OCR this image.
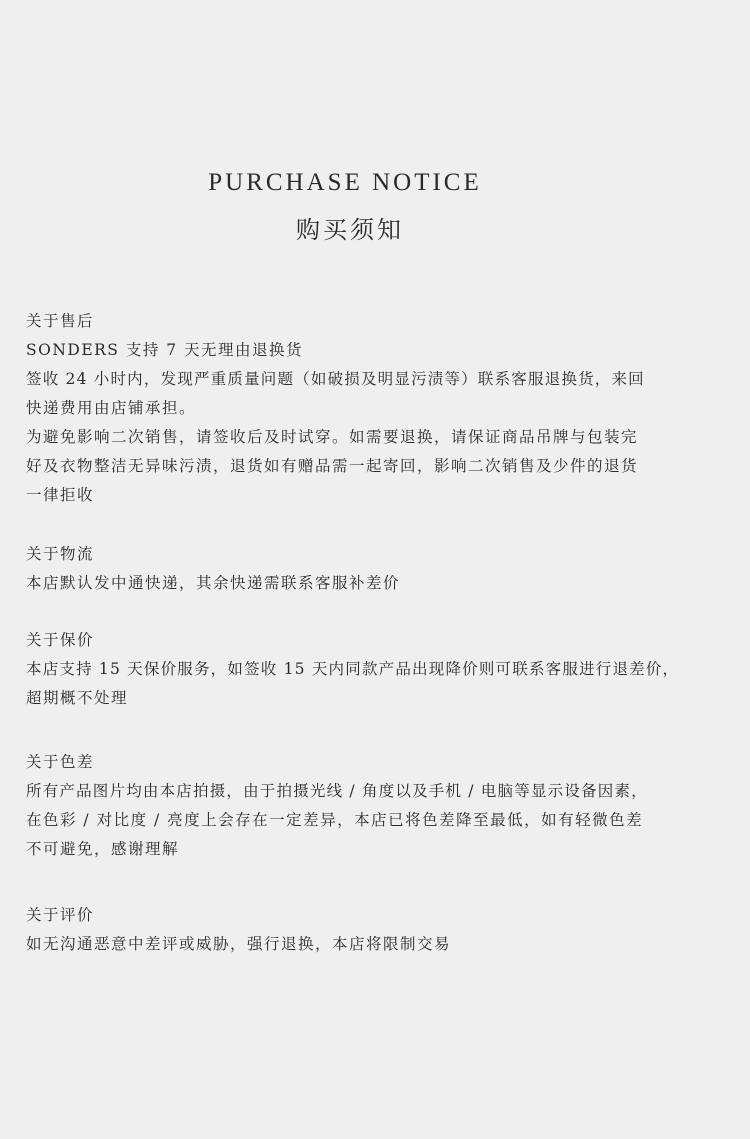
PURCHASE NOTICE
购买须知
关于售后
SONDERS 支持 7 天无理由退换货
签收 24 小时内，发现严重质量问题（如破损及明显污渍等）联系客服退换货，来回
快递费用由店铺承担。
为避免影响二次销售，请签收后及时试穿。如需要退换，请保证商品吊牌与包装完
好及衣物整洁无异味污渍，退货如有赠品需一起寄回，影响二次销售及少件的退货
一律拒收
关于物流
本店默认发中通快递，其余快递需联系客服补差价
关于保价
本店支持 15 天保价服务，如签收 15 天内同款产品出现降价则可联系客服进行退差价，
超期概不处理
关于色差
所有产品图片均由本店拍摄，由于拍摄光线 / 角度以及手机 / 电脑等显示设备因素，
在色彩 / 对比度 / 亮度上会存在一定差异，本店已将色差降至最低，如有轻微色差
不可避免，感谢理解
关于评价
如无沟通恶意中差评或威胁，强行退换，本店将限制交易
